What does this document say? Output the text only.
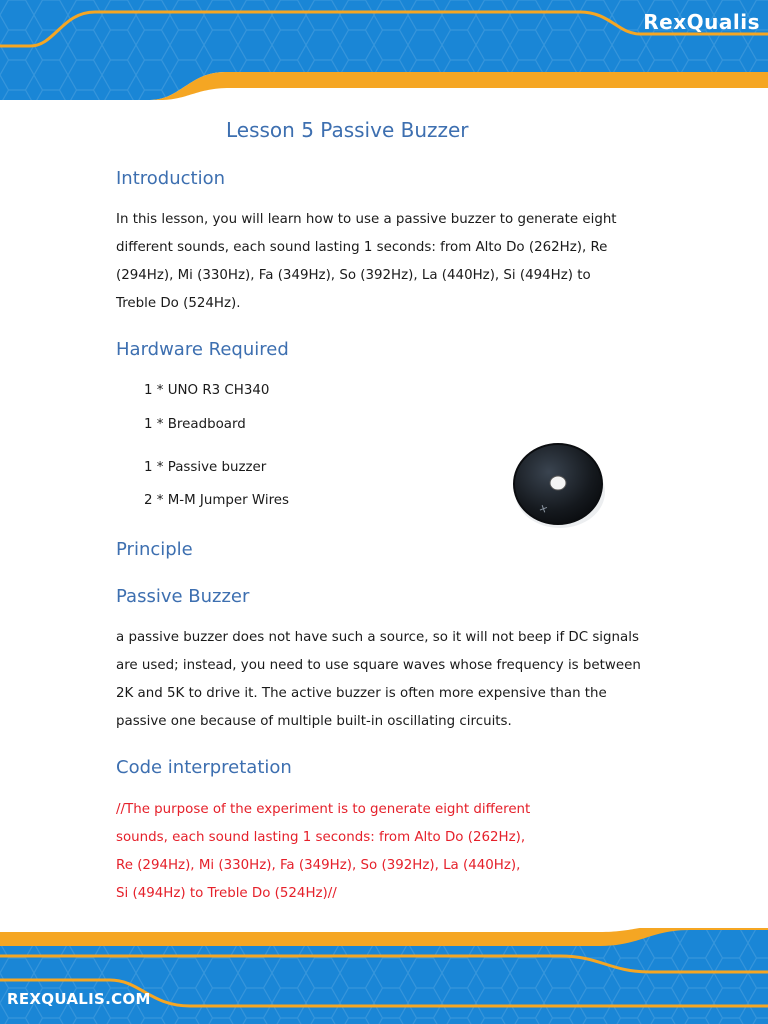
RexQualis
Lesson 5 Passive Buzzer
Introduction
In this lesson, you will learn how to use a passive buzzer to generate eight
different sounds, each sound lasting 1 seconds: from Alto Do (262Hz), Re
(294Hz), Mi (330Hz), Fa (349Hz), So (392Hz), La (440Hz), Si (494Hz) to
Treble Do (524Hz).
Hardware Required
1 * UNO R3 CH340
1 * Breadboard
1 * Passive buzzer
2 * M-M Jumper Wires	+
Principle
Passive Buzzer
a passive buzzer does not have such a source, so it will not beep if DC signals
are used; instead, you need to use square waves whose frequency is between
2K and 5K to drive it. The active buzzer is often more expensive than the
passive one because of multiple built-in oscillating circuits.
Code interpretation
//The purpose of the experiment is to generate eight different
sounds, each sound lasting 1 seconds: from Alto Do (262Hz),
Re (294Hz), Mi (330Hz), Fa (349Hz), So (392Hz), La (440Hz),
Si (494Hz) to Treble Do (524Hz)//
REXQUALIS.COM
